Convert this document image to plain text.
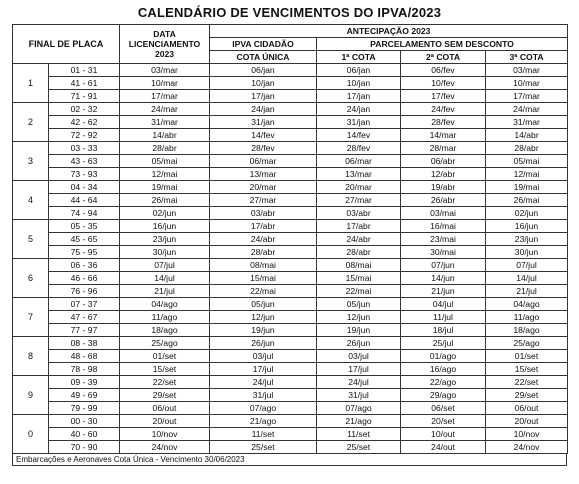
CALENDÁRIO DE VENCIMENTOS DO IPVA/2023
FINAL DE PLACA		DATA
LICENCIAMENTO
2023	ANTECIPAÇÃO 2023			
			IPVA CIDADÃO	PARCELAMENTO SEM DESCONTO		
			COTA ÚNICA	1ª COTA	2ª COTA	3ª COTA
1	01 - 31	03/mar	06/jan	06/jan	06/fev	03/mar
	41 - 61	10/mar	10/jan	10/jan	10/fev	10/mar
	71 - 91	17/mar	17/jan	17/jan	17/fev	17/mar
2	02 - 32	24/mar	24/jan	24/jan	24/fev	24/mar
	42 - 62	31/mar	31/jan	31/jan	28/fev	31/mar
	72 - 92	14/abr	14/fev	14/fev	14/mar	14/abr
3	03 - 33	28/abr	28/fev	28/fev	28/mar	28/abr
	43 - 63	05/mai	06/mar	06/mar	06/abr	05/mai
	73 - 93	12/mai	13/mar	13/mar	12/abr	12/mai
4	04 - 34	19/mai	20/mar	20/mar	19/abr	19/mai
	44 - 64	26/mai	27/mar	27/mar	26/abr	26/mai
	74 - 94	02/jun	03/abr	03/abr	03/mai	02/jun
5	05 - 35	16/jun	17/abr	17/abr	16/mai	16/jun
	45 - 65	23/jun	24/abr	24/abr	23/mai	23/jun
	75 - 95	30/jun	28/abr	28/abr	30/mai	30/jun
6	06 - 36	07/jul	08/mai	08/mai	07/jun	07/jul
	46 - 66	14/jul	15/mai	15/mai	14/jun	14/jul
	76 - 96	21/jul	22/mai	22/mai	21/jun	21/jul
7	07 - 37	04/ago	05/jun	05/jun	04/jul	04/ago
	47 - 67	11/ago	12/jun	12/jun	11/jul	11/ago
	77 - 97	18/ago	19/jun	19/jun	18/jul	18/ago
8	08 - 38	25/ago	26/jun	26/jun	25/jul	25/ago
	48 - 68	01/set	03/jul	03/jul	01/ago	01/set
	78 - 98	15/set	17/jul	17/jul	16/ago	15/set
9	09 - 39	22/set	24/jul	24/jul	22/ago	22/set
	49 - 69	29/set	31/jul	31/jul	29/ago	29/set
	79 - 99	06/out	07/ago	07/ago	06/set	06/out
0	00 - 30	20/out	21/ago	21/ago	20/set	20/out
	40 - 60	10/nov	11/set	11/set	10/out	10/nov
	70 - 90	24/nov	25/set	25/set	24/out	24/nov
Embarcações e Aeronaves Cota Única - Vencimento 30/06/2023
